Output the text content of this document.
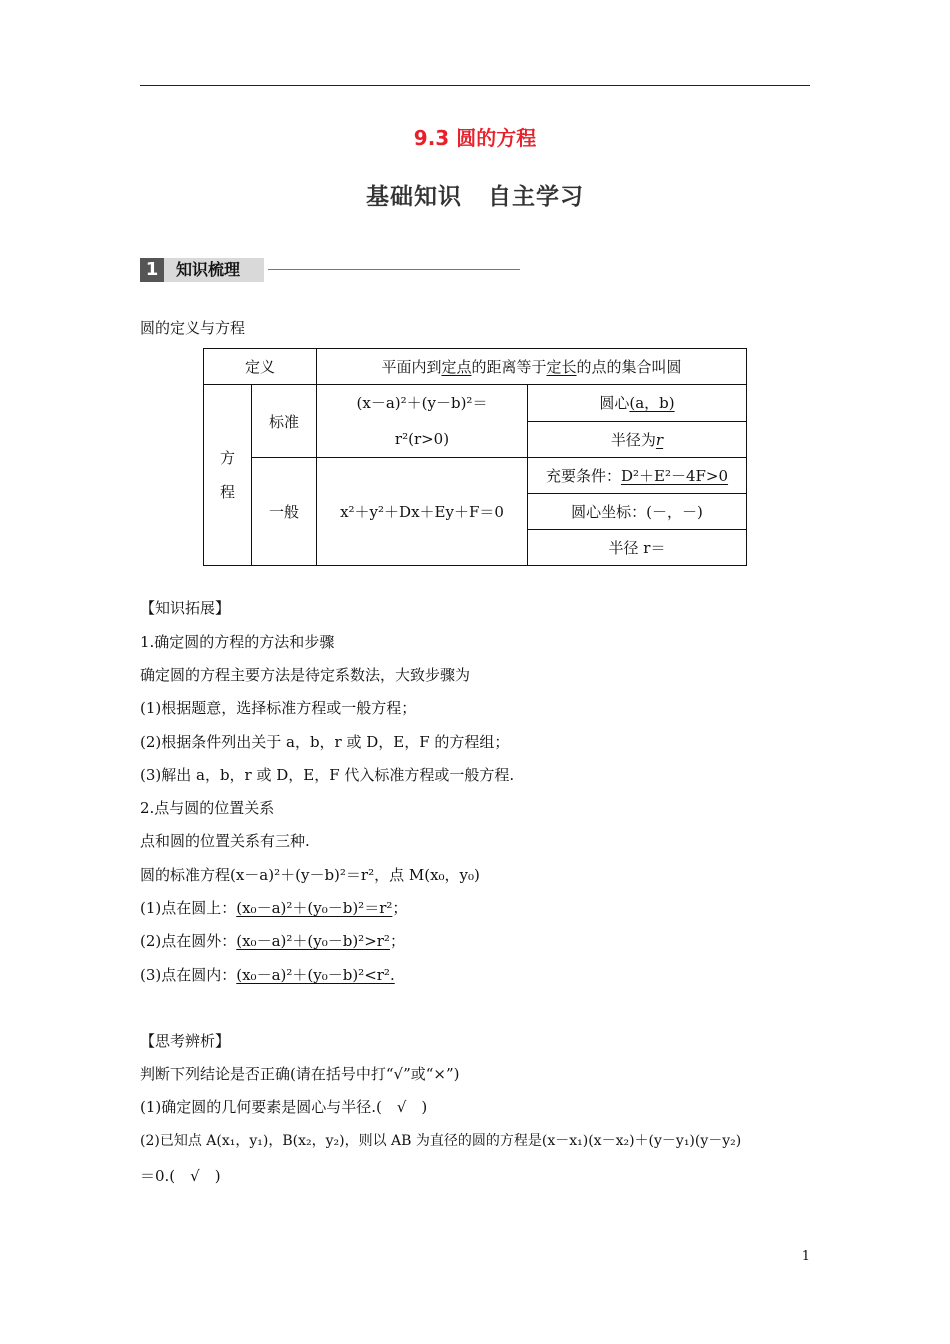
9.3 圆的方程
基础知识 自主学习
1	知识梳理
圆的定义与方程
定义		平面内到定点的距离等于定长的点的集合叫圆	
方
程	标准	(x－a)²＋(y－b)²＝
r²(r>0)	圆心(a，b)
			半径为r
	一般	x²＋y²＋Dx＋Ey＋F＝0	充要条件：D²＋E²－4F>0
			圆心坐标：(－，－)
			半径 r＝
【知识拓展】
1.确定圆的方程的方法和步骤
确定圆的方程主要方法是待定系数法，大致步骤为
(1)根据题意，选择标准方程或一般方程；
(2)根据条件列出关于 a，b，r 或 D，E，F 的方程组；
(3)解出 a，b，r 或 D，E，F 代入标准方程或一般方程.
2.点与圆的位置关系
点和圆的位置关系有三种.
圆的标准方程(x－a)²＋(y－b)²＝r²，点 M(x₀，y₀)
(1)点在圆上：(x₀－a)²＋(y₀－b)²＝r²；
(2)点在圆外：(x₀－a)²＋(y₀－b)²>r²；
(3)点在圆内：(x₀－a)²＋(y₀－b)²<r².
【思考辨析】
判断下列结论是否正确(请在括号中打“√”或“×”)
(1)确定圆的几何要素是圆心与半径.(　√　)
(2)已知点 A(x₁，y₁)，B(x₂，y₂)，则以 AB 为直径的圆的方程是(x－x₁)(x－x₂)＋(y－y₁)(y－y₂)
＝0.(　√　)
1
